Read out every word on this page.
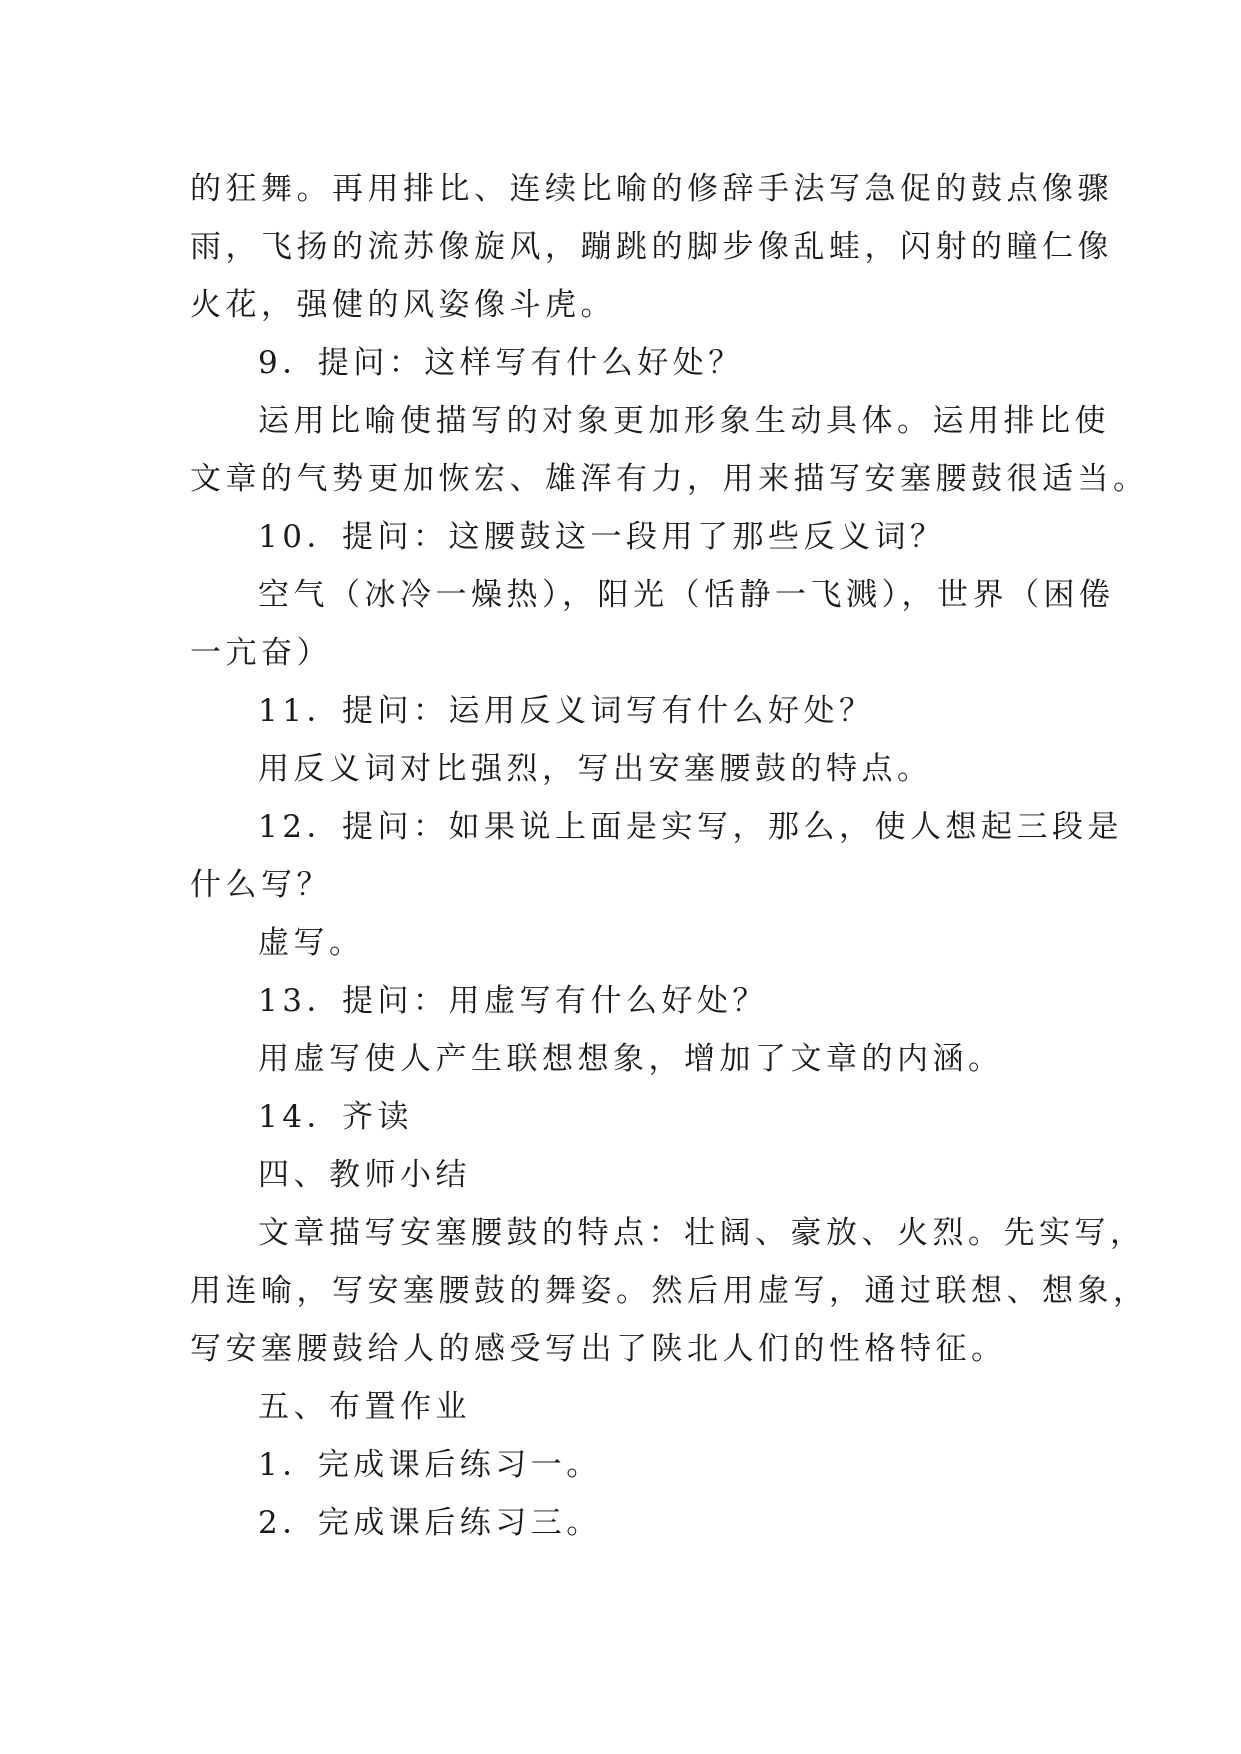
的狂舞。再用排比、连续比喻的修辞手法写急促的鼓点像骤
雨，飞扬的流苏像旋风，蹦跳的脚步像乱蛙，闪射的瞳仁像
火花，强健的风姿像斗虎。
9．提问：这样写有什么好处？
运用比喻使描写的对象更加形象生动具体。运用排比使
文章的气势更加恢宏、雄浑有力，用来描写安塞腰鼓很适当。
10．提问：这腰鼓这一段用了那些反义词？
空气（冰冷一燥热），阳光（恬静一飞溅），世界（困倦
一亢奋）
11．提问：运用反义词写有什么好处？
用反义词对比强烈，写出安塞腰鼓的特点。
12．提问：如果说上面是实写，那么，使人想起三段是
什么写？
虚写。
13．提问：用虚写有什么好处？
用虚写使人产生联想想象，增加了文章的内涵。
14．齐读
四、教师小结
文章描写安塞腰鼓的特点：壮阔、豪放、火烈。先实写，
用连喻，写安塞腰鼓的舞姿。然后用虚写，通过联想、想象，
写安塞腰鼓给人的感受写出了陕北人们的性格特征。
五、布置作业
1．完成课后练习一。
2．完成课后练习三。
